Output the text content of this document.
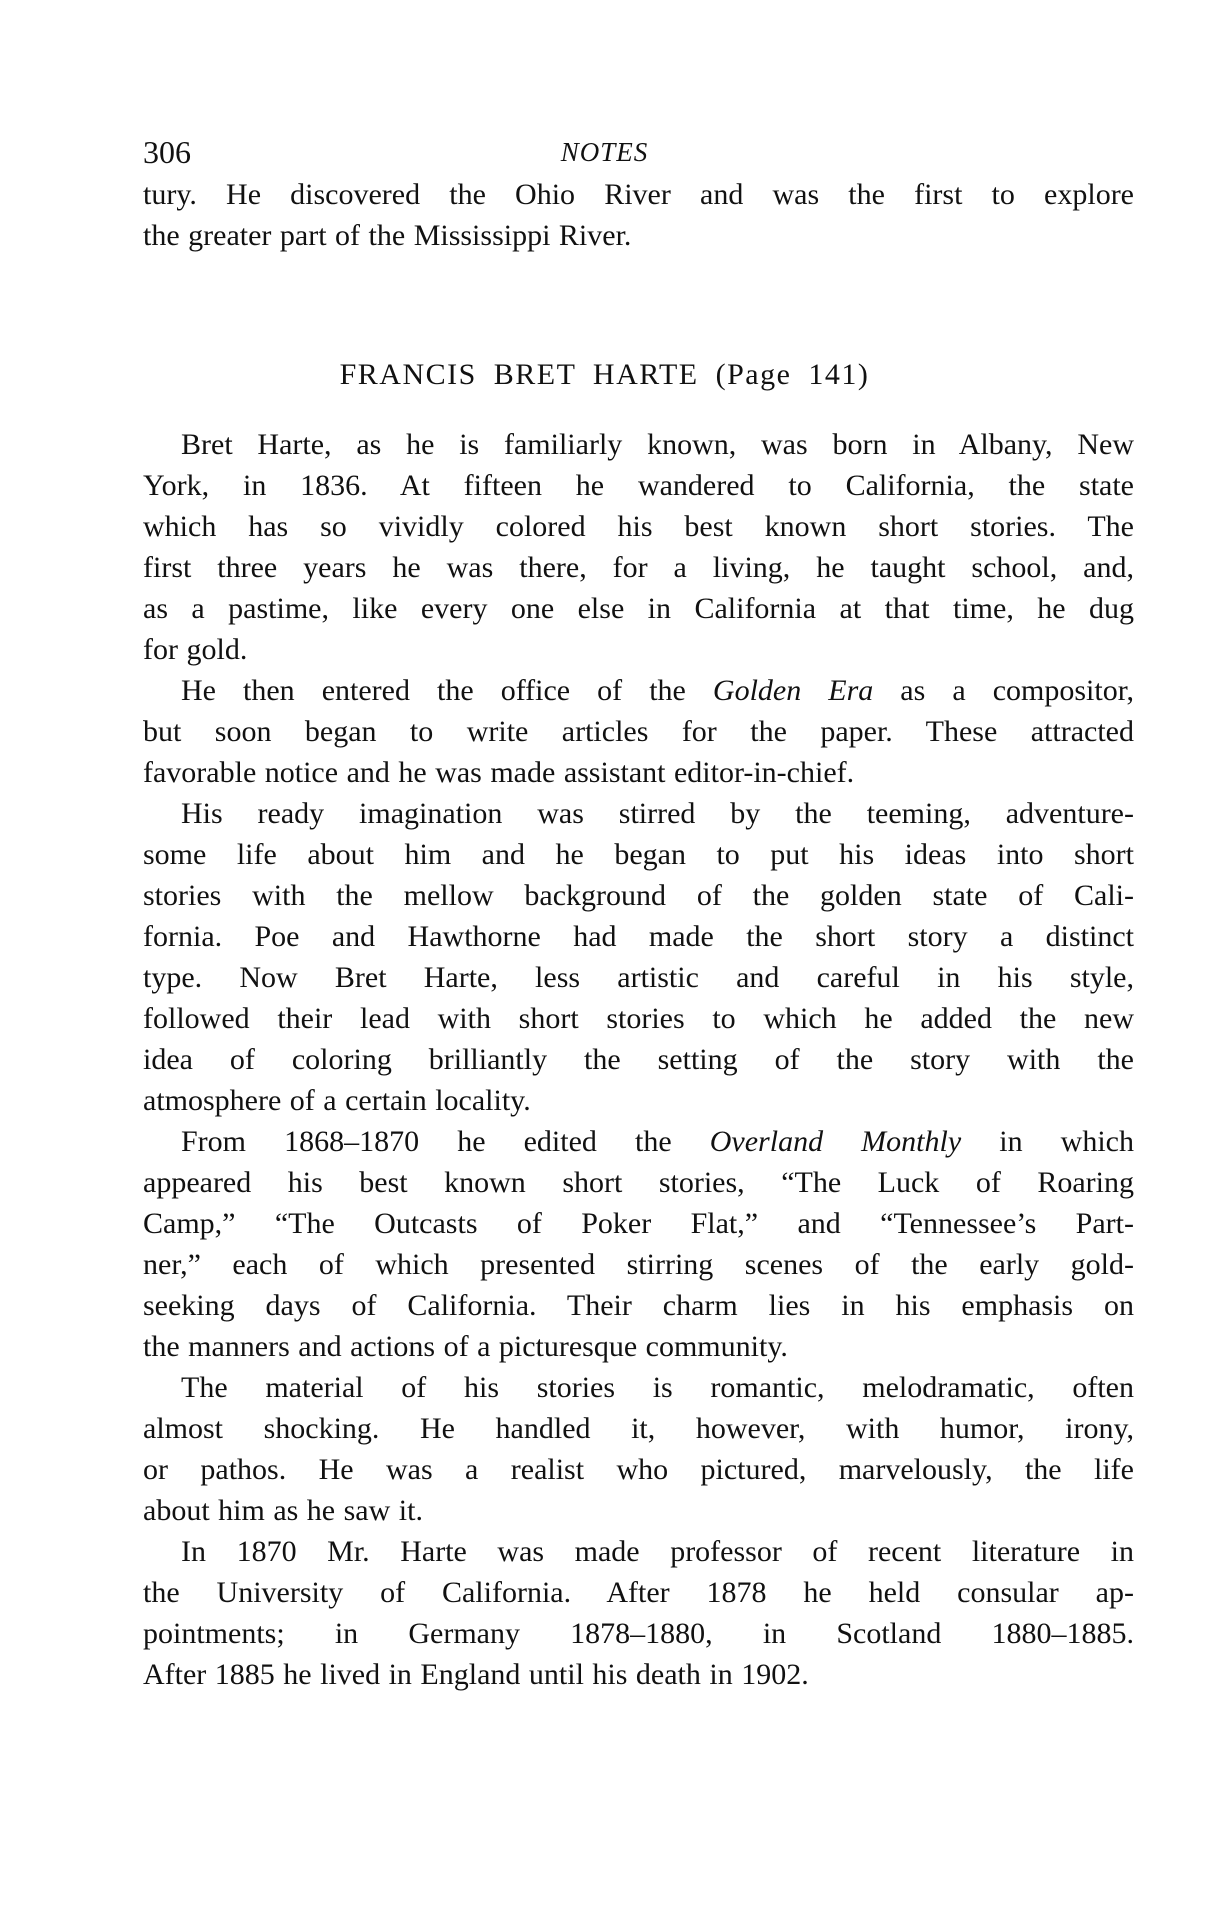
306	NOTES
FRANCIS BRET HARTE (Page 141)
tury. He discovered the Ohio River and was the first to explore
the greater part of the Mississippi River.
Bret Harte, as he is familiarly known, was born in Albany, New
York, in 1836. At fifteen he wandered to California, the state
which has so vividly colored his best known short stories. The
first three years he was there, for a living, he taught school, and,
as a pastime, like every one else in California at that time, he dug
for gold.
He then entered the office of the Golden Era as a compositor,
but soon began to write articles for the paper. These attracted
favorable notice and he was made assistant editor-in-chief.
His ready imagination was stirred by the teeming, adventure-
some life about him and he began to put his ideas into short
stories with the mellow background of the golden state of Cali-
fornia. Poe and Hawthorne had made the short story a distinct
type. Now Bret Harte, less artistic and careful in his style,
followed their lead with short stories to which he added the new
idea of coloring brilliantly the setting of the story with the
atmosphere of a certain locality.
From 1868–1870 he edited the Overland Monthly in which
appeared his best known short stories, “The Luck of Roaring
Camp,” “The Outcasts of Poker Flat,” and “Tennessee’s Part-
ner,” each of which presented stirring scenes of the early gold-
seeking days of California. Their charm lies in his emphasis on
the manners and actions of a picturesque community.
The material of his stories is romantic, melodramatic, often
almost shocking. He handled it, however, with humor, irony,
or pathos. He was a realist who pictured, marvelously, the life
about him as he saw it.
In 1870 Mr. Harte was made professor of recent literature in
the University of California. After 1878 he held consular ap-
pointments; in Germany 1878–1880, in Scotland 1880–1885.
After 1885 he lived in England until his death in 1902.
